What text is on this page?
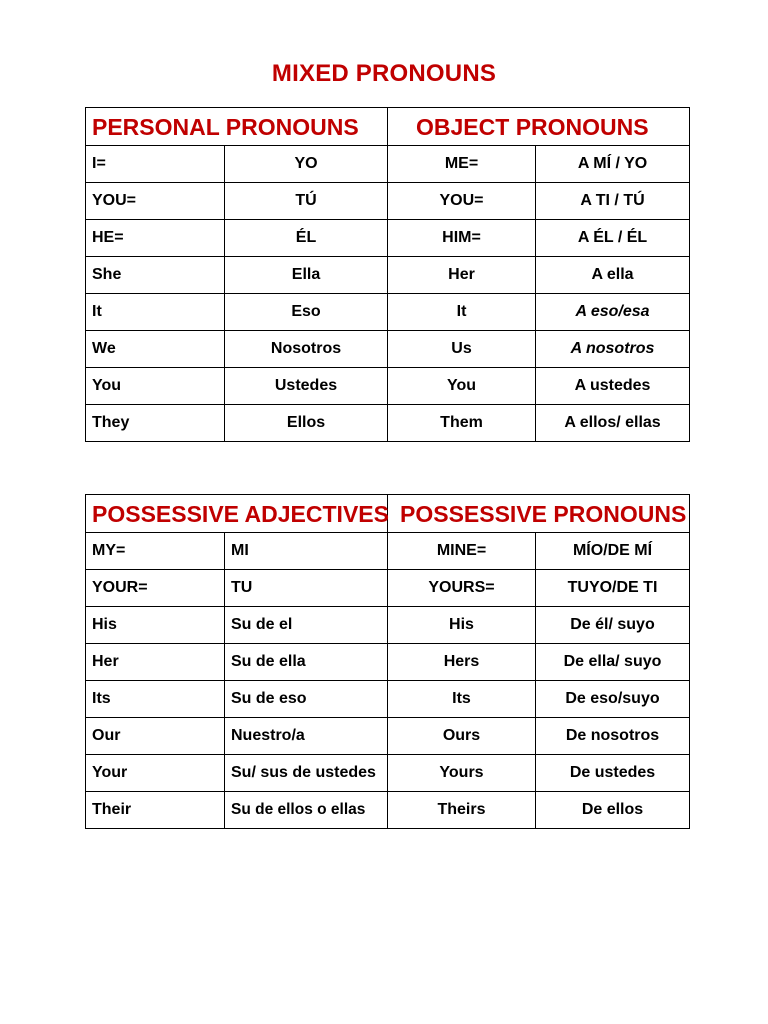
MIXED PRONOUNS
PERSONAL PRONOUNS		OBJECT PRONOUNS	
I=	YO	ME=	A MÍ / YO
YOU=	TÚ	YOU=	A TI / TÚ
HE=	ÉL	HIM=	A ÉL / ÉL
She	Ella	Her	A ella
It	Eso	It	A eso/esa
We	Nosotros	Us	A nosotros
You	Ustedes	You	A ustedes
They	Ellos	Them	A ellos/ ellas
POSSESSIVE ADJECTIVES		POSSESSIVE PRONOUNS	
MY=	MI	MINE=	MÍO/DE MÍ
YOUR=	TU	YOURS=	TUYO/DE TI
His	Su de el	His	De él/ suyo
Her	Su de ella	Hers	De ella/ suyo
Its	Su de eso	Its	De eso/suyo
Our	Nuestro/a	Ours	De nosotros
Your	Su/ sus de ustedes	Yours	De ustedes
Their	Su de ellos o ellas	Theirs	De ellos
